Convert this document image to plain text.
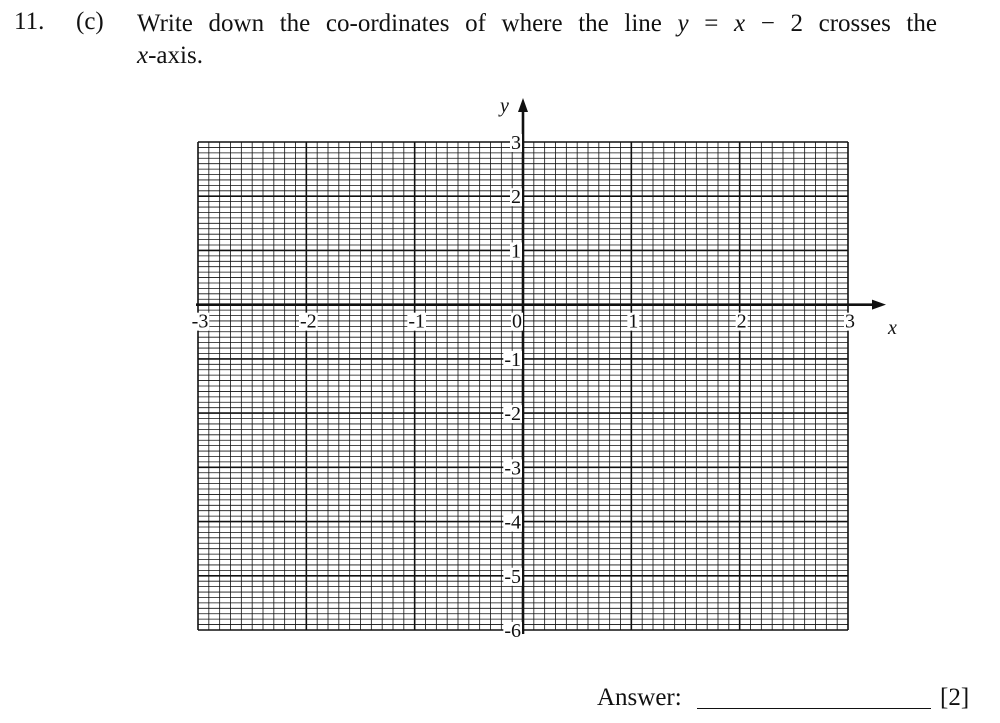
11. (c) Write down the co-ordinates of where the line y = x − 2 crosses the
x-axis.
-3	-2	-1	0	1	2	3
3
2
1
-1
-2
-3
-4
-5
-6
x
y
Answer:	[2]
